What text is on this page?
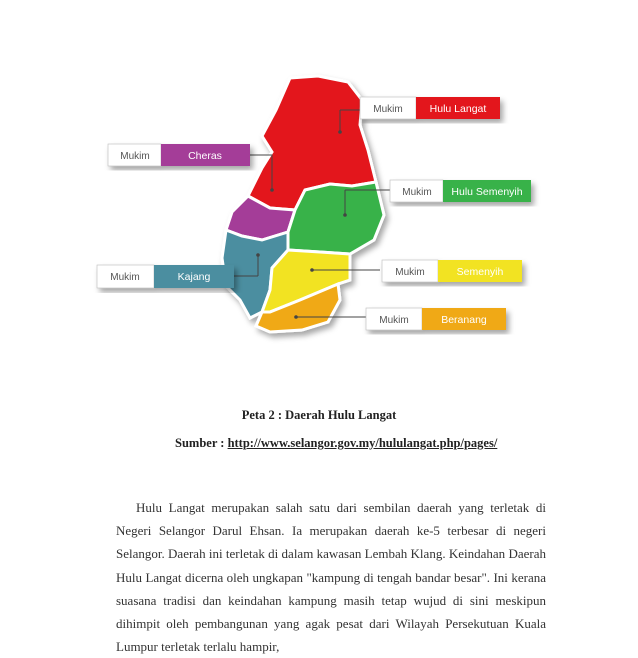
Mukim	Hulu Langat
Mukim	Cheras
Mukim Hulu Semenyih
Mukim	Kajang	Mukim	Semenyih
Mukim	Beranang
Peta 2 : Daerah Hulu Langat
Sumber : http://www.selangor.gov.my/hululangat.php/pages/

Hulu Langat merupakan salah satu dari sembilan daerah yang terletak di Negeri Selangor Darul Ehsan. Ia merupakan daerah ke-5 terbesar di negeri Selangor. Daerah ini terletak di dalam kawasan Lembah Klang. Keindahan Daerah Hulu Langat dicerna oleh ungkapan "kampung di tengah bandar besar". Ini kerana suasana tradisi dan keindahan kampung masih tetap wujud di sini meskipun dihimpit oleh pembangunan yang agak pesat dari Wilayah Persekutuan Kuala Lumpur terletak terlalu hampir,
